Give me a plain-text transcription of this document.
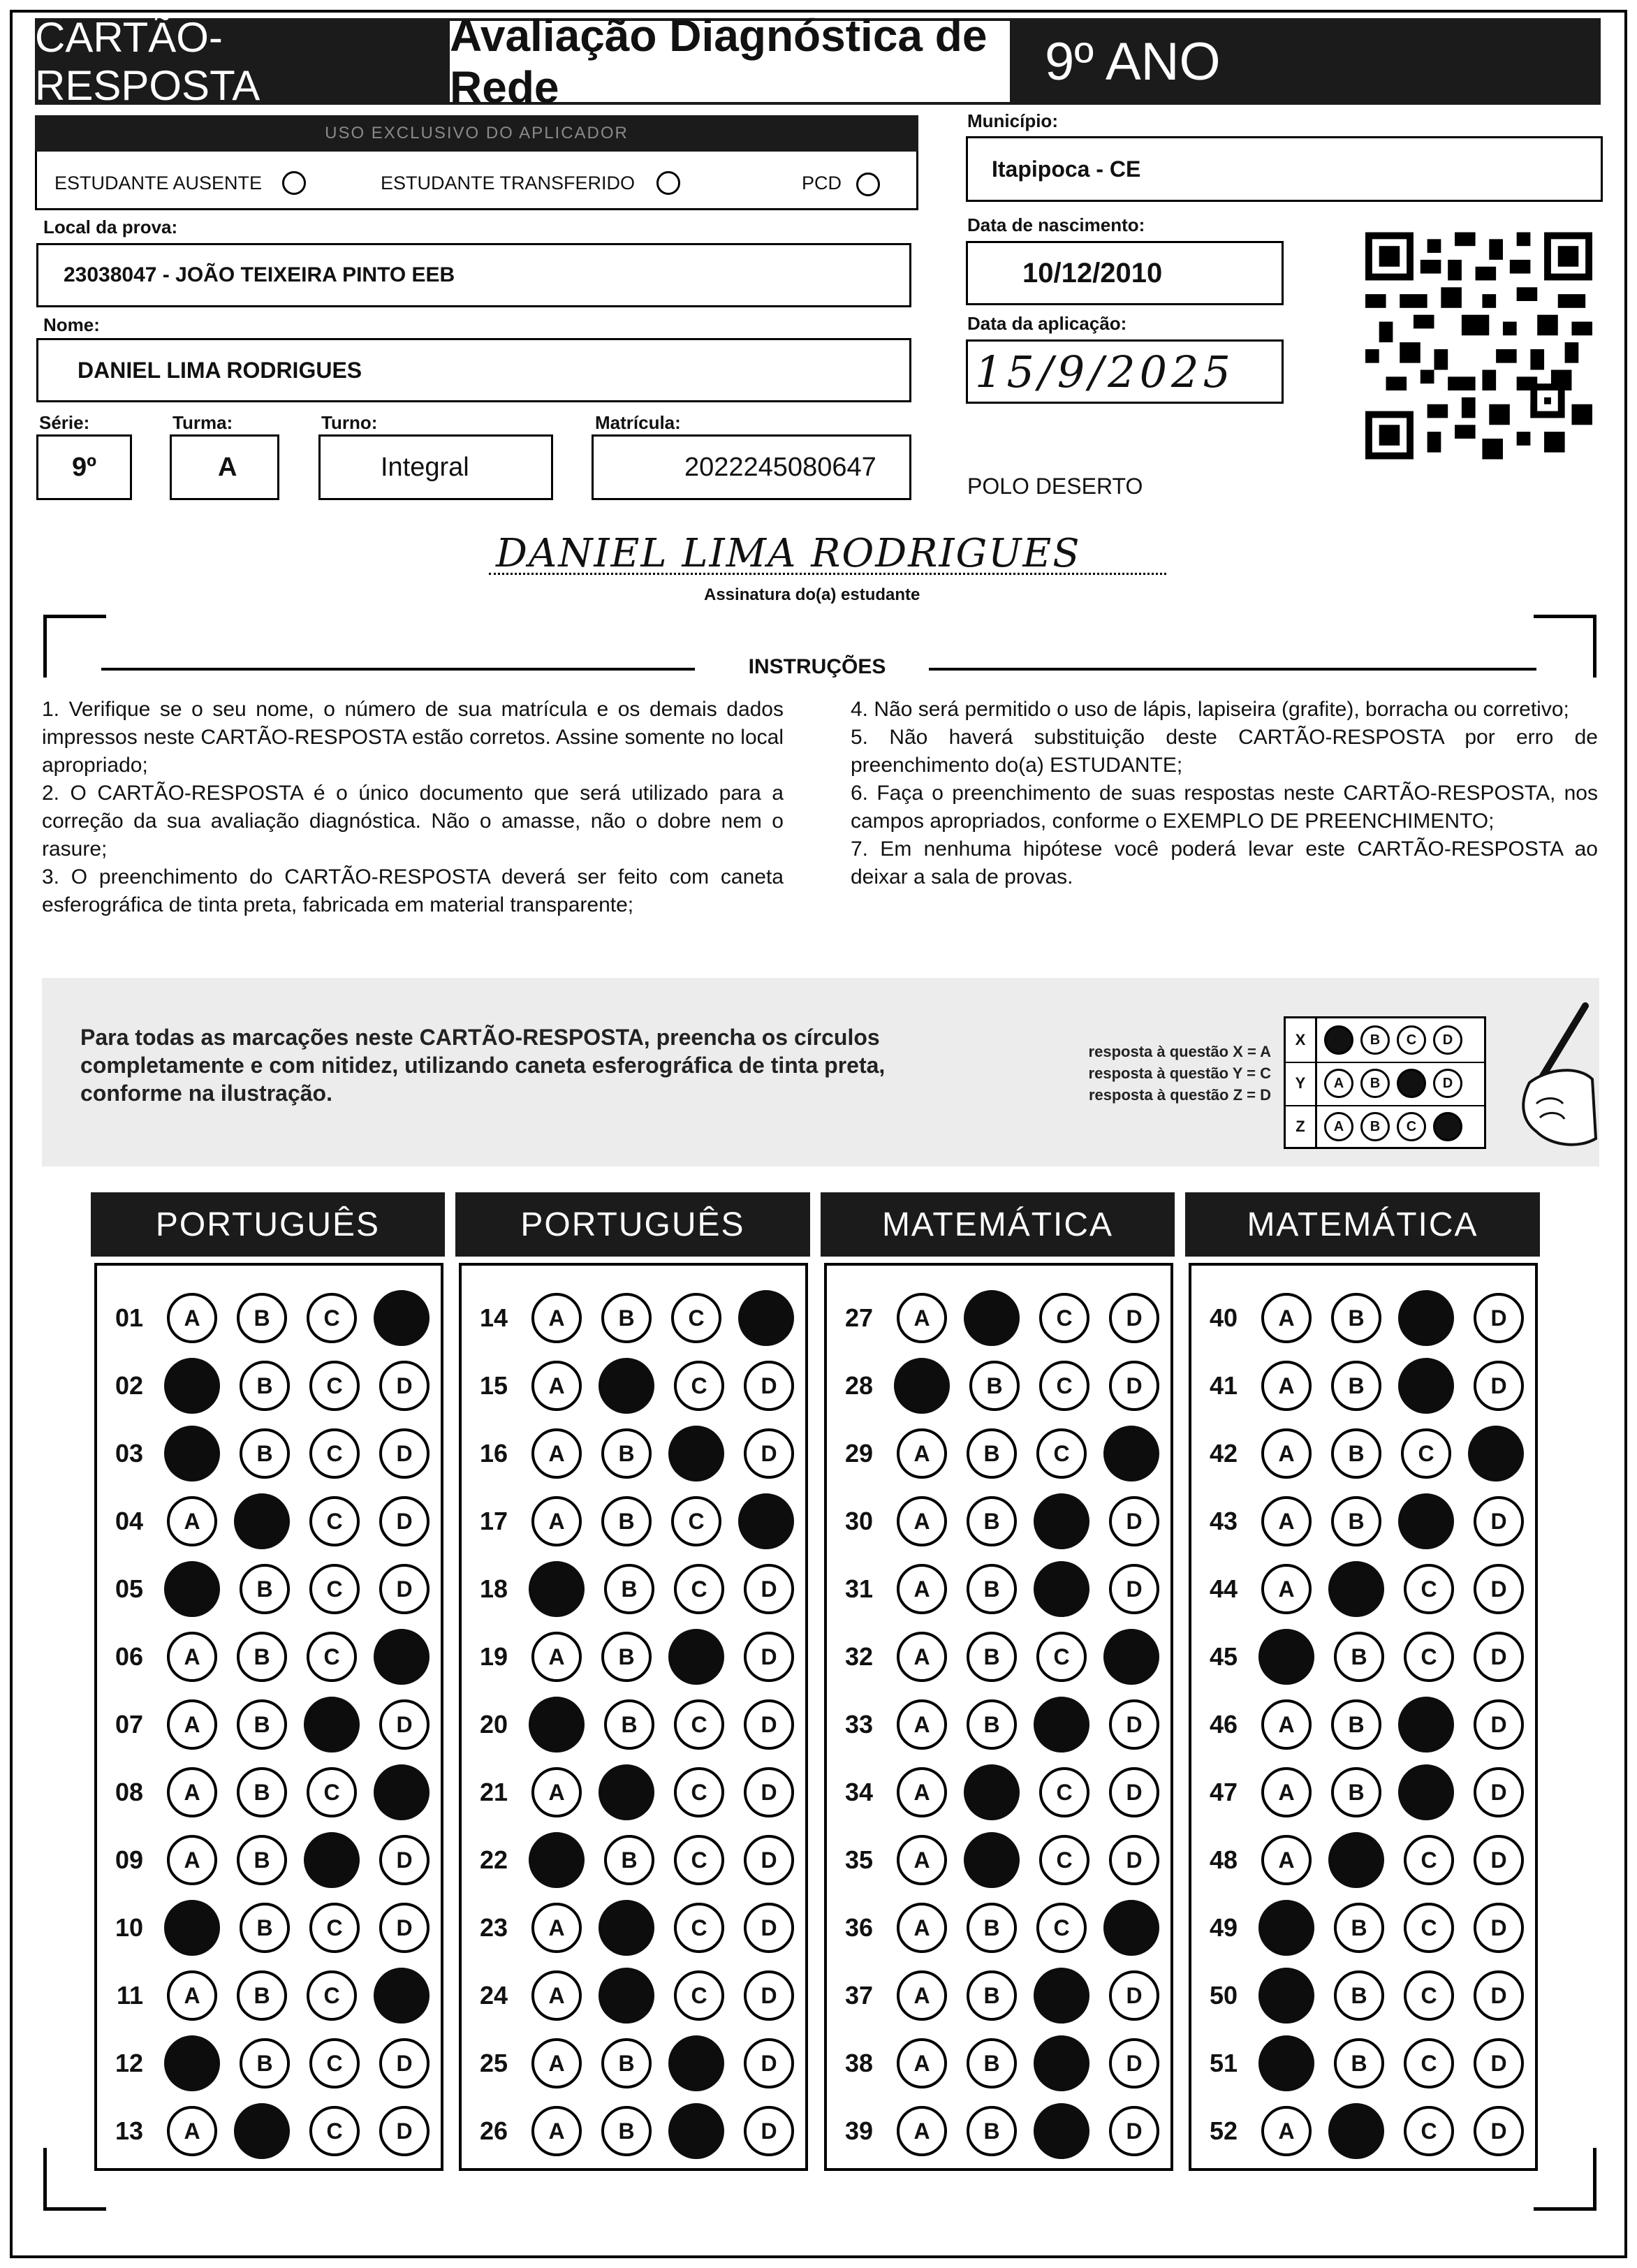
CARTÃO-RESPOSTA
Avaliação Diagnóstica de Rede	9º ANO
USO EXCLUSIVO DO APLICADOR
ESTUDANTE AUSENTE	ESTUDANTE TRANSFERIDO	PCD
Município:
Itapipoca - CE
Local da prova:
23038047 - JOÃO TEIXEIRA PINTO EEB
Data de nascimento:
10/12/2010
Data da aplicação:
15/9/2025
Nome:
DANIEL LIMA RODRIGUES
Série:
9º
Turma:
A
Turno:
Integral
Matrícula:
2022245080647
POLO DESERTO
DANIEL LIMA RODRIGUES
Assinatura do(a) estudante
INSTRUÇÕES

1. Verifique se o seu nome, o número de sua matrícula e os demais dados impressos neste CARTÃO-RESPOSTA estão corretos. Assine somente no local apropriado;

2. O CARTÃO-RESPOSTA é o único documento que será utilizado para a correção da sua avaliação diagnóstica. Não o amasse, não o dobre nem o rasure;

3. O preenchimento do CARTÃO-RESPOSTA deverá ser feito com caneta esferográfica de tinta preta, fabricada em material transparente;

4. Não será permitido o uso de lápis, lapiseira (grafite), borracha ou corretivo;

5. Não haverá substituição deste CARTÃO-RESPOSTA por erro de preenchimento do(a) ESTUDANTE;

6. Faça o preenchimento de suas respostas neste CARTÃO-RESPOSTA, nos campos apropriados, conforme o EXEMPLO DE PREENCHIMENTO;

7. Em nenhuma hipótese você poderá levar este CARTÃO-RESPOSTA ao deixar a sala de provas.

Para todas as marcações neste CARTÃO-RESPOSTA, preencha os círculos completamente e com nitidez, utilizando caneta esferográfica de tinta preta, conforme na ilustração.
resposta à questão X = A
resposta à questão Y = C
resposta à questão Z = D
X	A	B	C	D
Y	A	B	C	D
Z	A	B	C	D
PORTUGUÊS	PORTUGUÊS	MATEMÁTICA	MATEMÁTICA
01	A	B	C	D
02	A	B	C	D
03	A	B	C	D
04	A	B	C	D
05	A	B	C	D
06	A	B	C	D
07	A	B	C	D
08	A	B	C	D
09	A	B	C	D
10	A	B	C	D
11	A	B	C	D
12	A	B	C	D
13	A	B	C	D
14	A	B	C	D
15	A	B	C	D
16	A	B	C	D
17	A	B	C	D
18	A	B	C	D
19	A	B	C	D
20	A	B	C	D
21	A	B	C	D
22	A	B	C	D
23	A	B	C	D
24	A	B	C	D
25	A	B	C	D
26	A	B	C	D
27	A	B	C	D
28	A	B	C	D
29	A	B	C	D
30	A	B	C	D
31	A	B	C	D
32	A	B	C	D
33	A	B	C	D
34	A	B	C	D
35	A	B	C	D
36	A	B	C	D
37	A	B	C	D
38	A	B	C	D
39	A	B	C	D
40	A	B	C	D
41	A	B	C	D
42	A	B	C	D
43	A	B	C	D
44	A	B	C	D
45	A	B	C	D
46	A	B	C	D
47	A	B	C	D
48	A	B	C	D
49	A	B	C	D
50	A	B	C	D
51	A	B	C	D
52	A	B	C	D
